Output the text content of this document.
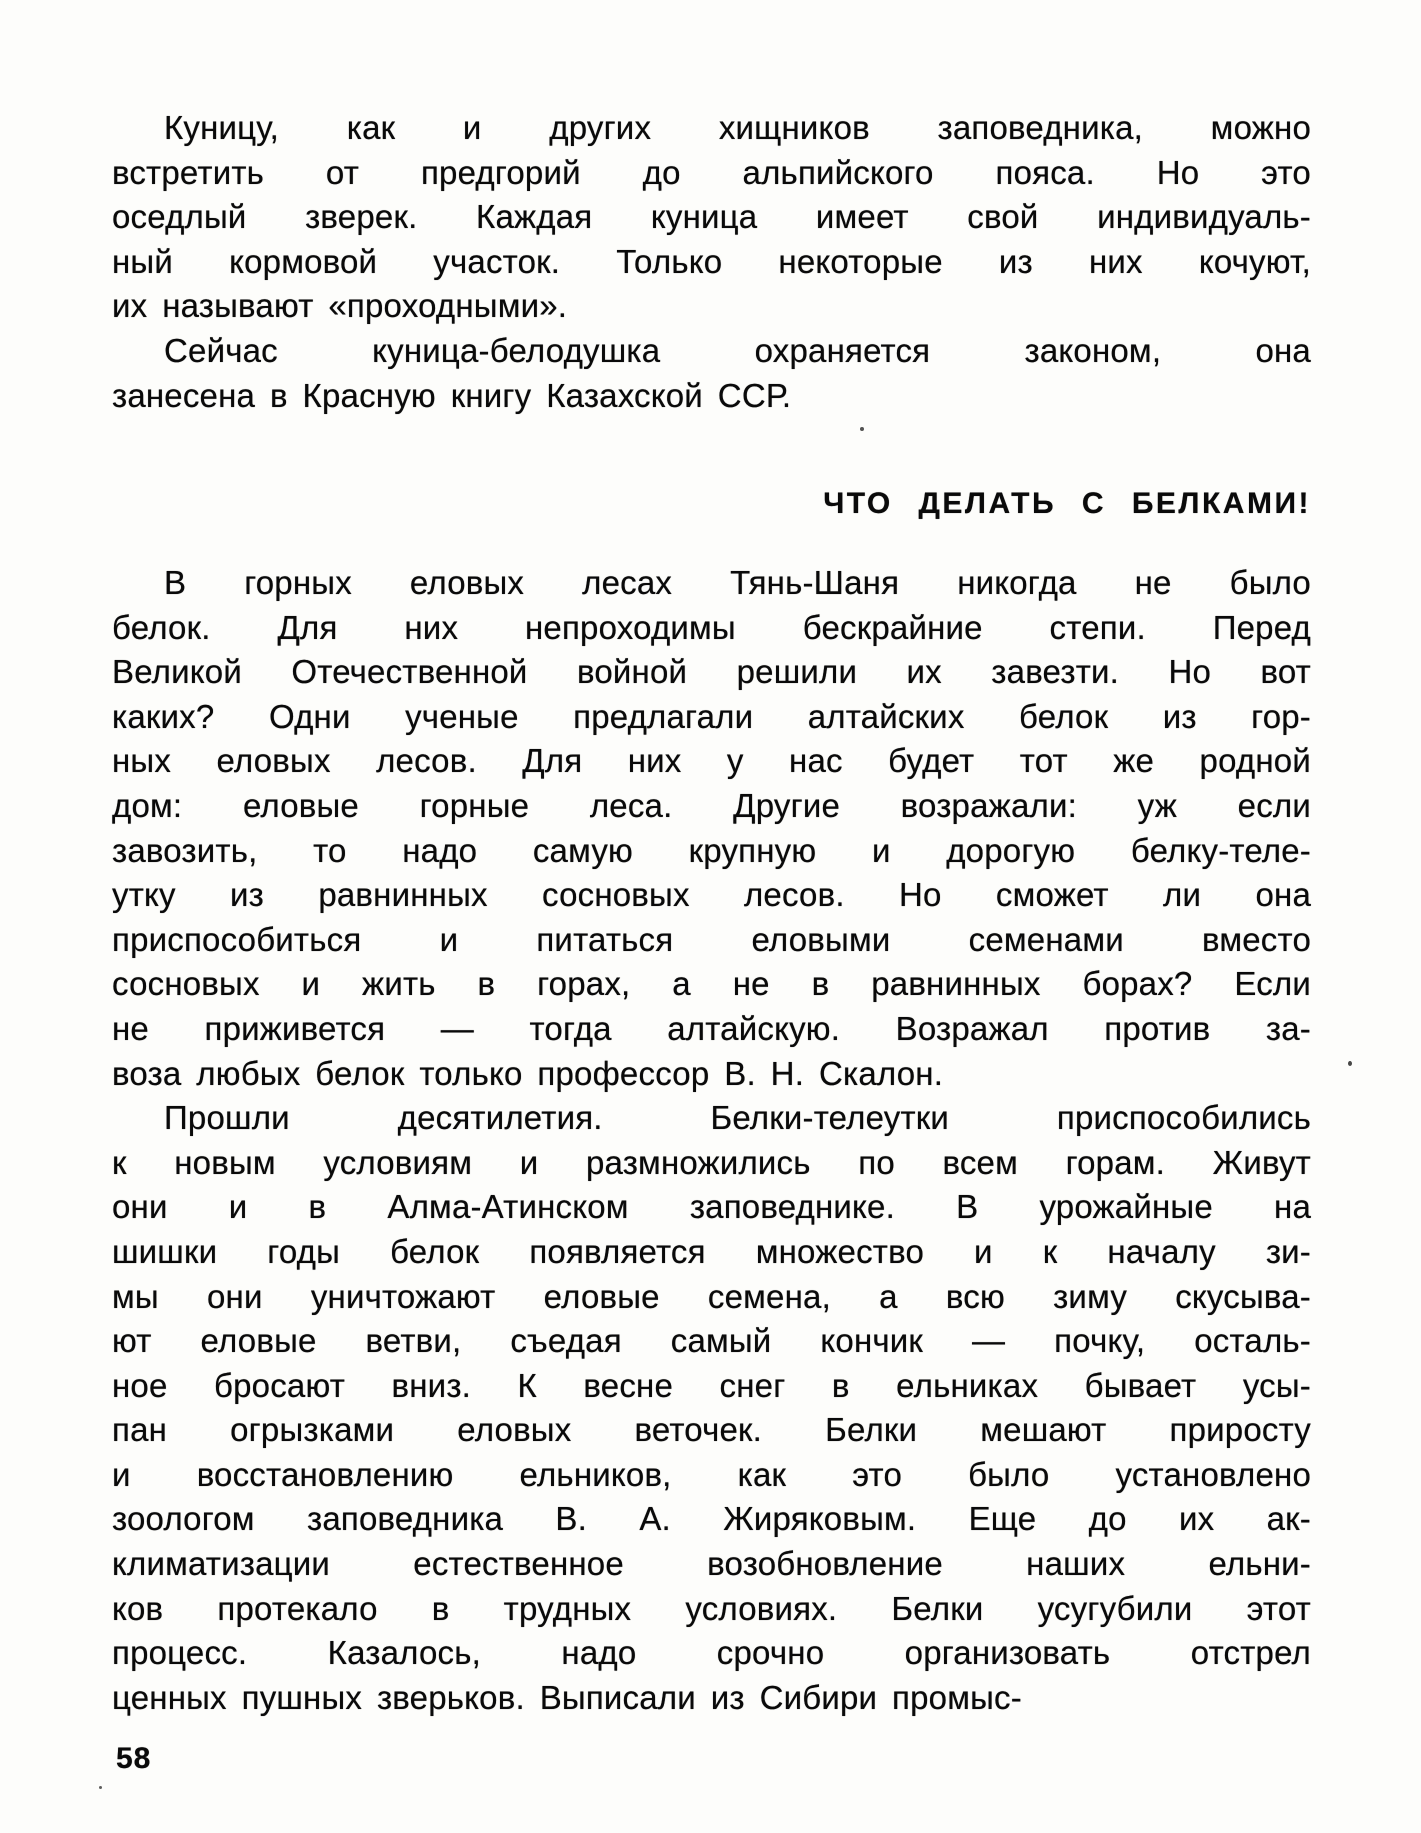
Куницу, как и других хищников заповедника, можно
встретить от предгорий до альпийского пояса. Но это
оседлый зверек. Каждая куница имеет свой индивидуаль-
ный кормовой участок. Только некоторые из них кочуют,
их называют «проходными».

Сейчас куница-белодушка охраняется законом, она
занесена в Красную книгу Казахской ССР.

ЧТО ДЕЛАТЬ С БЕЛКАМИ!

В горных еловых лесах Тянь-Шаня никогда не было
белок. Для них непроходимы бескрайние степи. Перед
Великой Отечественной войной решили их завезти. Но вот
каких? Одни ученые предлагали алтайских белок из гор-
ных еловых лесов. Для них у нас будет тот же родной
дом: еловые горные леса. Другие возражали: уж если
завозить, то надо самую крупную и дорогую белку-теле-
утку из равнинных сосновых лесов. Но сможет ли она
приспособиться и питаться еловыми семенами вместо
сосновых и жить в горах, а не в равнинных борах? Если
не приживется — тогда алтайскую. Возражал против за-
воза любых белок только профессор В. Н. Скалон.

Прошли десятилетия. Белки-телеутки приспособились
к новым условиям и размножились по всем горам. Живут
они и в Алма-Атинском заповеднике. В урожайные на
шишки годы белок появляется множество и к началу зи-
мы они уничтожают еловые семена, а всю зиму скусыва-
ют еловые ветви, съедая самый кончик — почку, осталь-
ное бросают вниз. К весне снег в ельниках бывает усы-
пан огрызками еловых веточек. Белки мешают приросту
и восстановлению ельников, как это было установлено
зоологом заповедника В. А. Жиряковым. Еще до их ак-
климатизации естественное возобновление наших ельни-
ков протекало в трудных условиях. Белки усугубили этот
процесс. Казалось, надо срочно организовать отстрел
ценных пушных зверьков. Выписали из Сибири промыс-

58
